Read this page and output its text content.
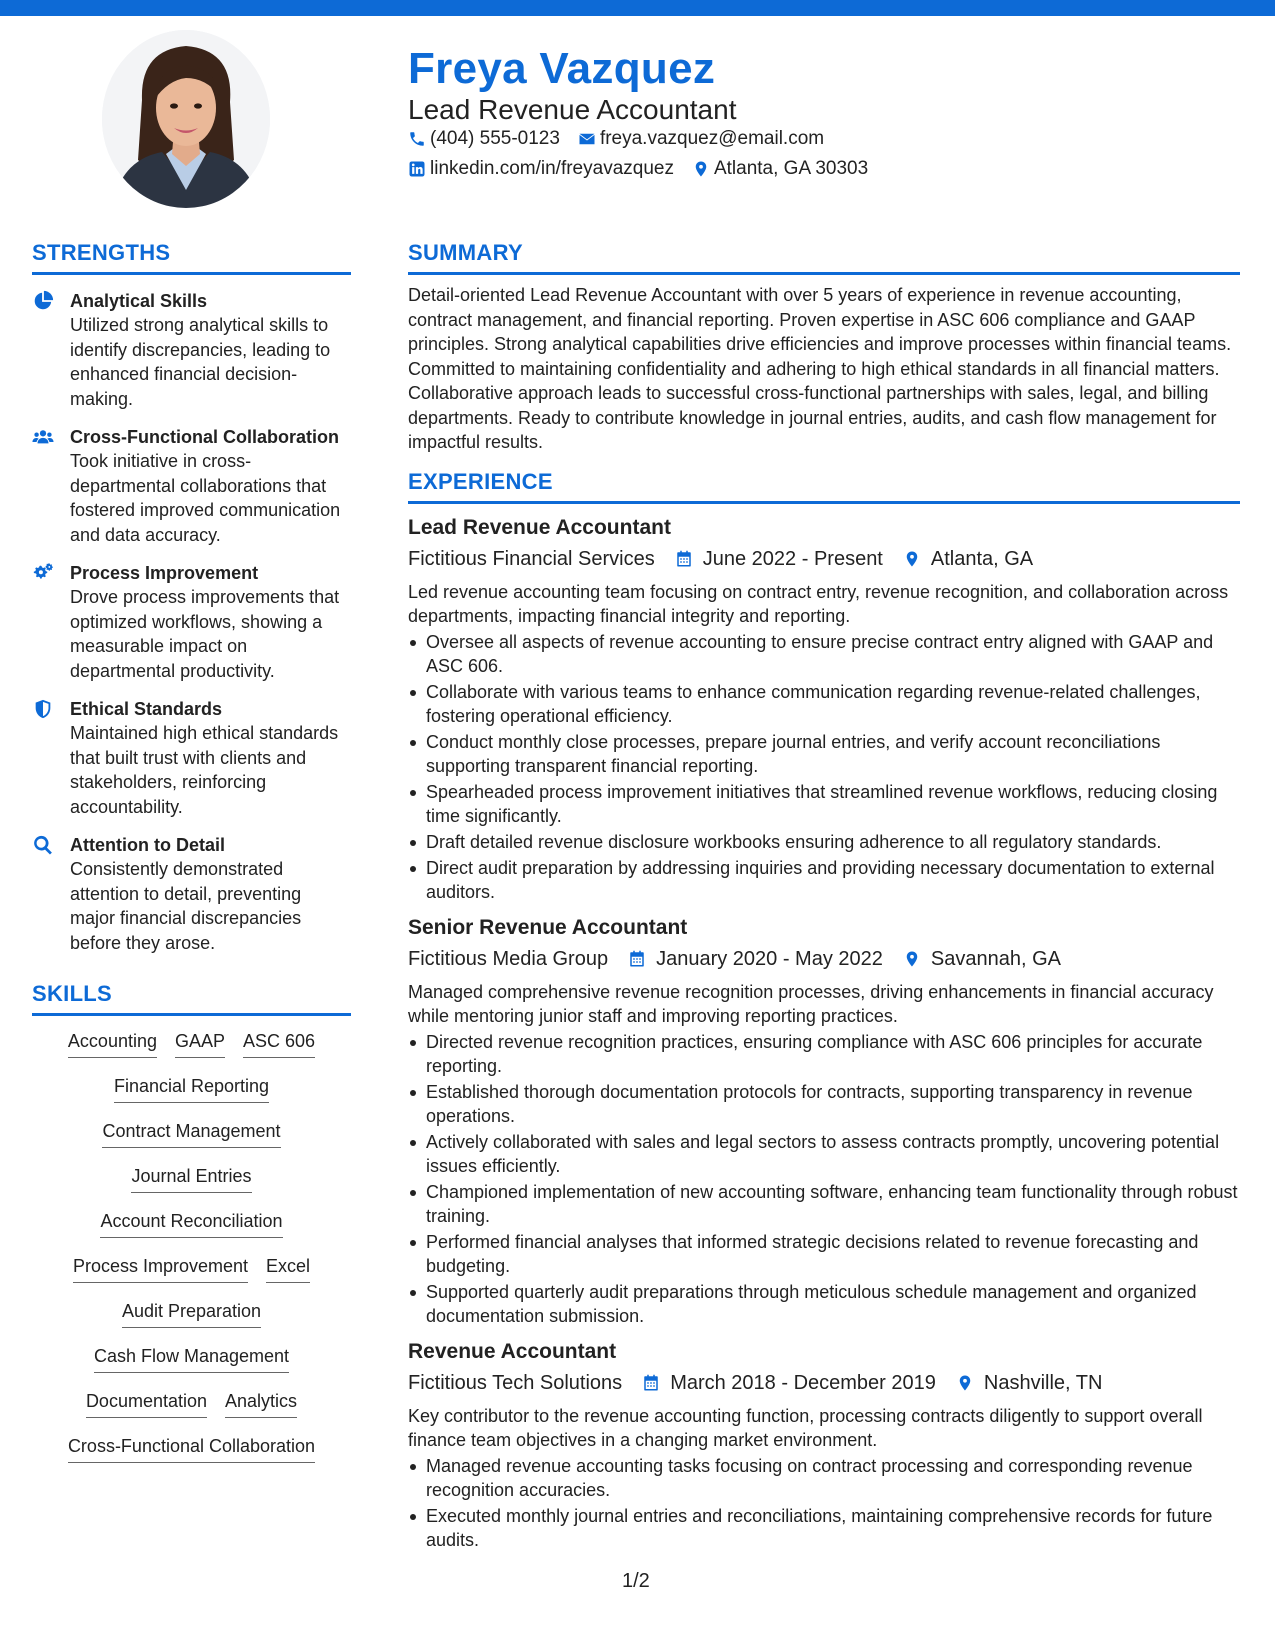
Freya Vazquez
Lead Revenue Accountant
(404) 555-0123 freya.vazquez@email.com
linkedin.com/in/freyavazquez Atlanta, GA 30303
STRENGTHS
Analytical Skills
Utilized strong analytical skills to identify discrepancies, leading to enhanced financial decision-making.
Cross-Functional Collaboration
Took initiative in cross-departmental collaborations that fostered improved communication and data accuracy.
Process Improvement
Drove process improvements that optimized workflows, showing a measurable impact on departmental productivity.
Ethical Standards
Maintained high ethical standards that built trust with clients and stakeholders, reinforcing accountability.
Attention to Detail
Consistently demonstrated attention to detail, preventing major financial discrepancies before they arose.
SKILLS
Accounting GAAP ASC 606
Financial Reporting
Contract Management
Journal Entries
Account Reconciliation
Process Improvement Excel
Audit Preparation
Cash Flow Management
Documentation Analytics
Cross-Functional Collaboration
SUMMARY
Detail-oriented Lead Revenue Accountant with over 5 years of experience in revenue accounting, contract management, and financial reporting. Proven expertise in ASC 606 compliance and GAAP principles. Strong analytical capabilities drive efficiencies and improve processes within financial teams. Committed to maintaining confidentiality and adhering to high ethical standards in all financial matters. Collaborative approach leads to successful cross-functional partnerships with sales, legal, and billing departments. Ready to contribute knowledge in journal entries, audits, and cash flow management for impactful results.
EXPERIENCE
Lead Revenue Accountant
Fictitious Financial Services June 2022 - Present Atlanta, GA
Led revenue accounting team focusing on contract entry, revenue recognition, and collaboration across departments, impacting financial integrity and reporting.
Oversee all aspects of revenue accounting to ensure precise contract entry aligned with GAAP and ASC 606.
Collaborate with various teams to enhance communication regarding revenue-related challenges, fostering operational efficiency.
Conduct monthly close processes, prepare journal entries, and verify account reconciliations supporting transparent financial reporting.
Spearheaded process improvement initiatives that streamlined revenue workflows, reducing closing time significantly.
Draft detailed revenue disclosure workbooks ensuring adherence to all regulatory standards.
Direct audit preparation by addressing inquiries and providing necessary documentation to external auditors.
Senior Revenue Accountant
Fictitious Media Group January 2020 - May 2022 Savannah, GA
Managed comprehensive revenue recognition processes, driving enhancements in financial accuracy while mentoring junior staff and improving reporting practices.
Directed revenue recognition practices, ensuring compliance with ASC 606 principles for accurate reporting.
Established thorough documentation protocols for contracts, supporting transparency in revenue operations.
Actively collaborated with sales and legal sectors to assess contracts promptly, uncovering potential issues efficiently.
Championed implementation of new accounting software, enhancing team functionality through robust training.
Performed financial analyses that informed strategic decisions related to revenue forecasting and budgeting.
Supported quarterly audit preparations through meticulous schedule management and organized documentation submission.
Revenue Accountant
Fictitious Tech Solutions March 2018 - December 2019 Nashville, TN
Key contributor to the revenue accounting function, processing contracts diligently to support overall finance team objectives in a changing market environment.
Managed revenue accounting tasks focusing on contract processing and corresponding revenue recognition accuracies.
Executed monthly journal entries and reconciliations, maintaining comprehensive records for future audits.
1/2
